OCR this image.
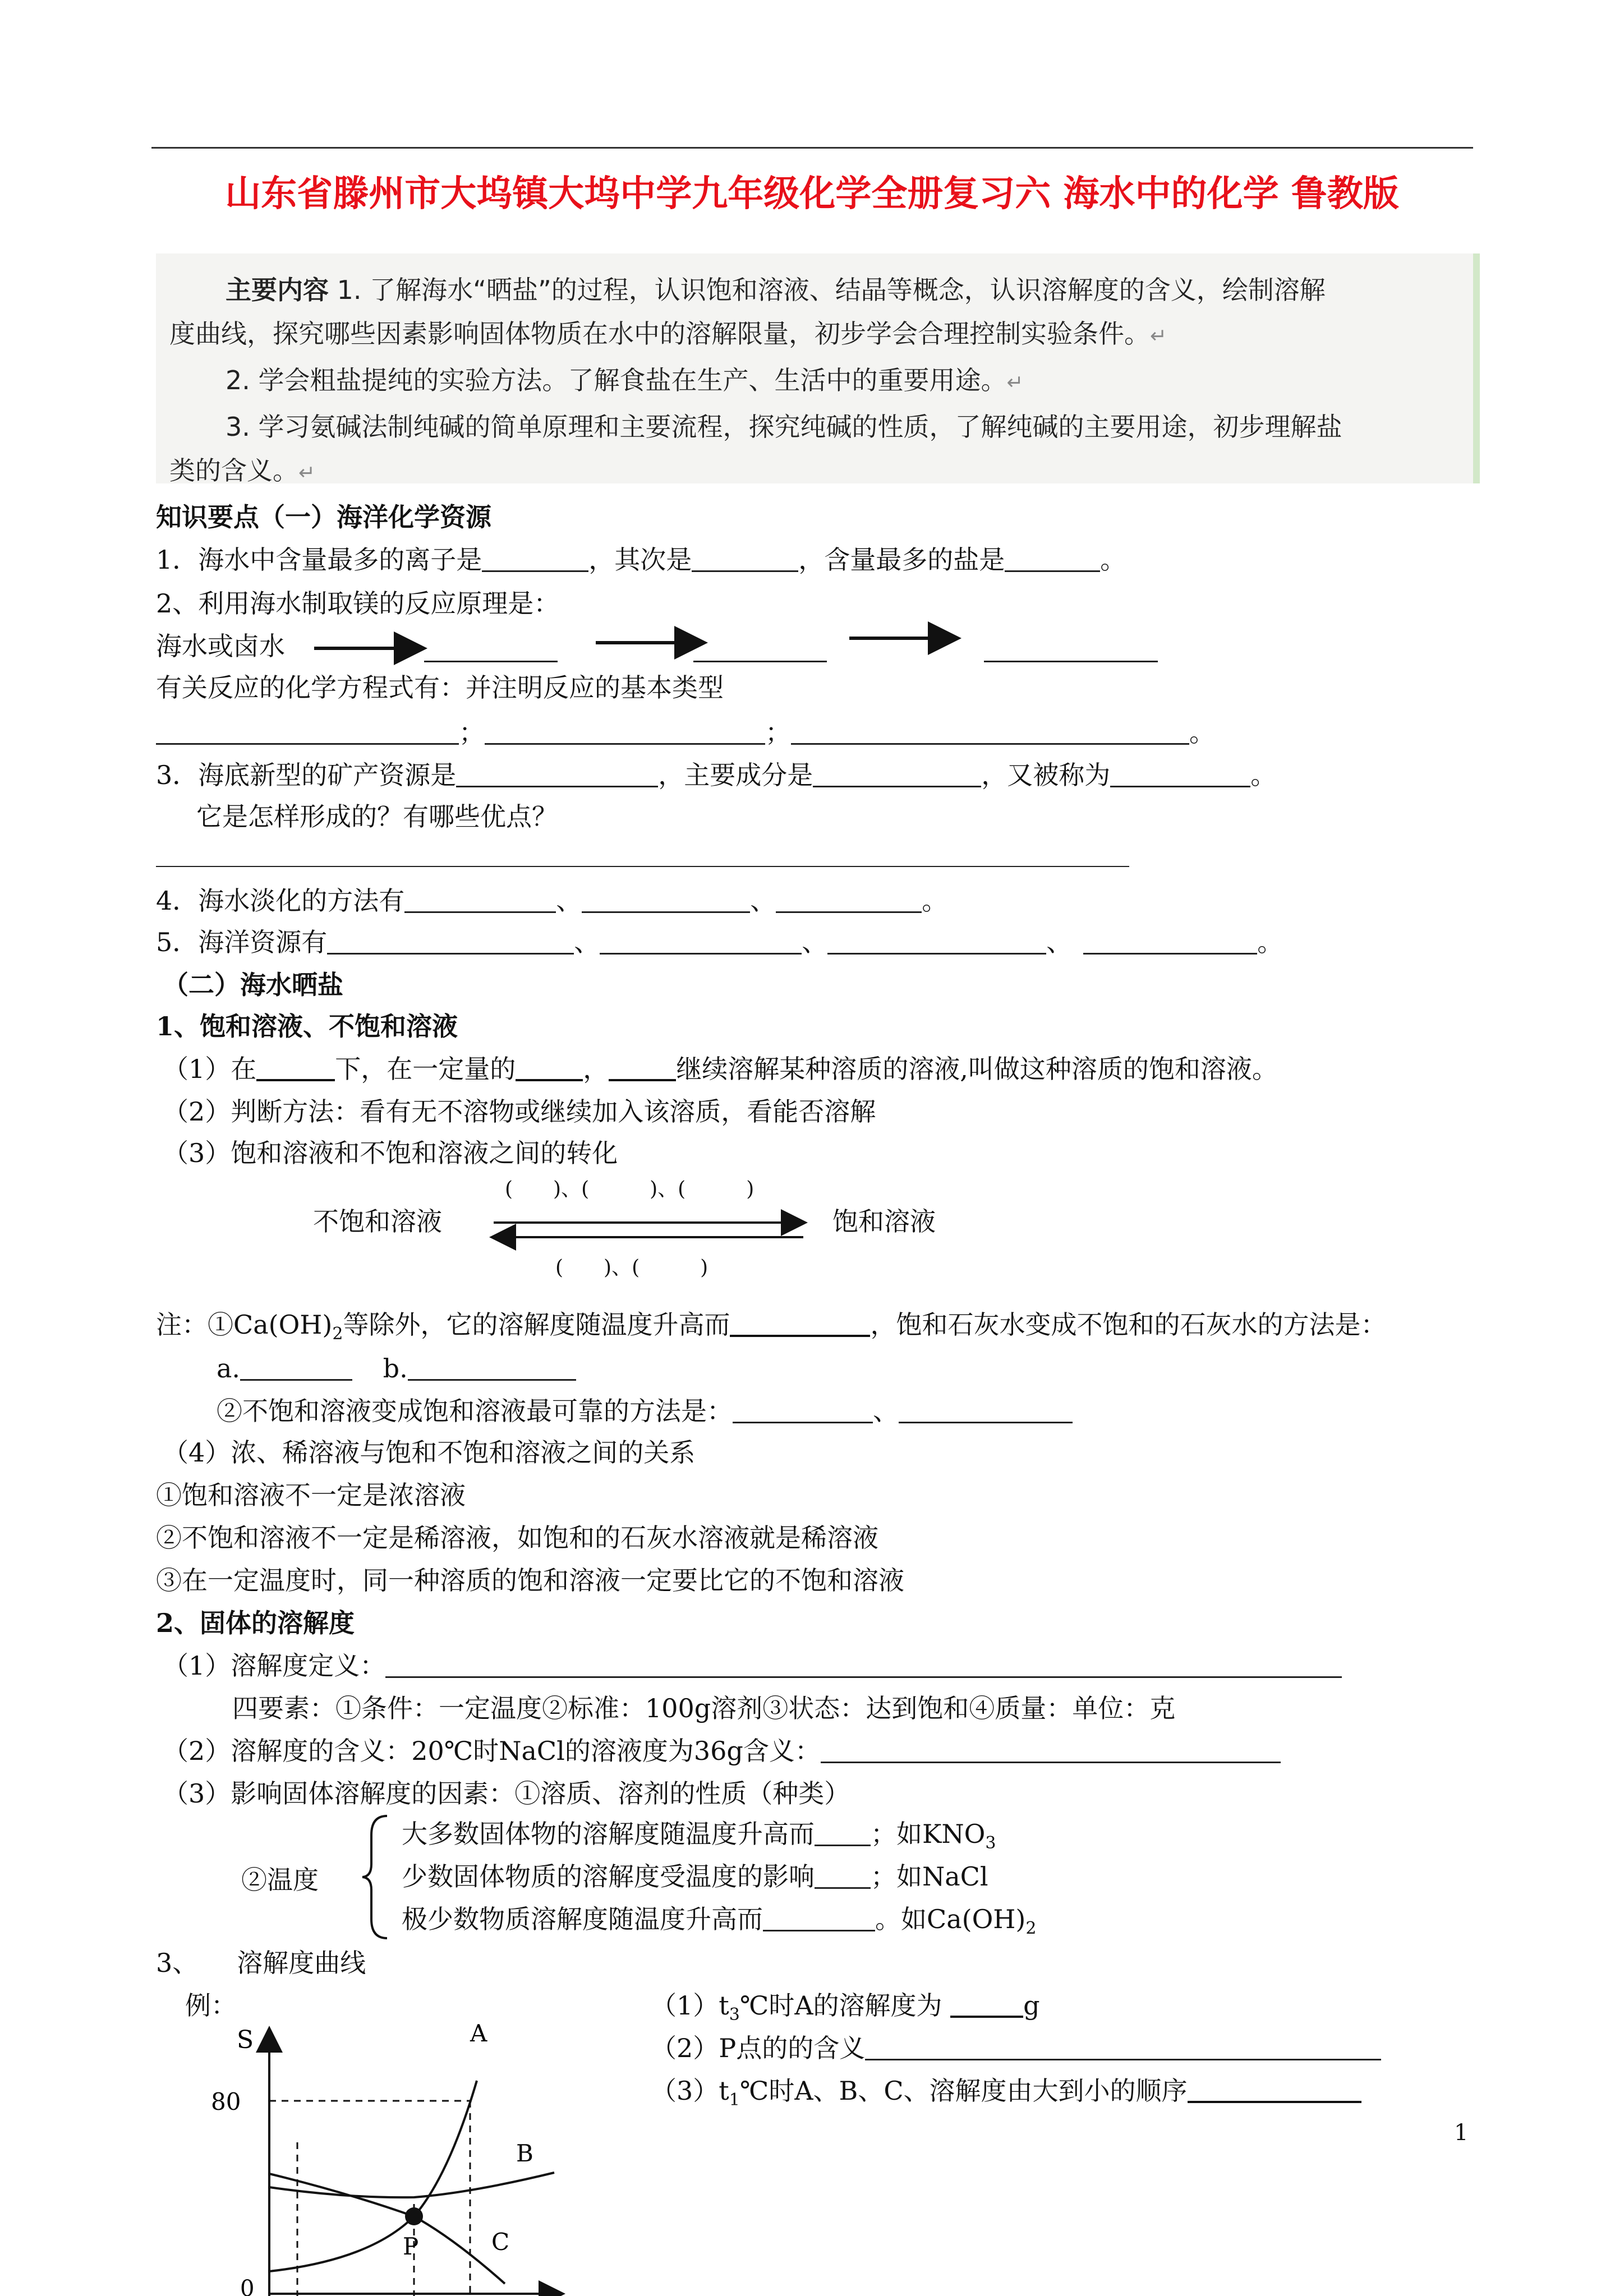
山东省滕州市大坞镇大坞中学九年级化学全册复习六 海水中的化学 鲁教版

主要内容 1. 了解海水“晒盐”的过程，认识饱和溶液、结晶等概念，认识溶解度的含义，绘制溶解

度曲线，探究哪些因素影响固体物质在水中的溶解限量，初步学会合理控制实验条件。↵

2. 学会粗盐提纯的实验方法。了解食盐在生产、生活中的重要用途。↵

3. 学习氨碱法制纯碱的简单原理和主要流程，探究纯碱的性质，了解纯碱的主要用途，初步理解盐

类的含义。↵

知识要点（一）海洋化学资源
1．海水中含量最多的离子是	，其次是	，含量最多的盐是	。
2、利用海水制取镁的反应原理是：
海水或卤水
有关反应的化学方程式有：并注明反应的基本类型
；	；	。
3．海底新型的矿产资源是	，主要成分是	，又被称为	。
它是怎样形成的？有哪些优点？
4．海水淡化的方法有	、	、	。
5．海洋资源有	、	、	、	。
（二）海水晒盐
1、饱和溶液、不饱和溶液
（1）在	下，在一定量的	，	继续溶解某种溶质的溶液,叫做这种溶质的饱和溶液。
（2）判断方法：看有无不溶物或继续加入该溶质，看能否溶解
（3）饱和溶液和不饱和溶液之间的转化
(　　)、(　　　)、(　　　)
不饱和溶液	饱和溶液
(　　)、(　　　)
注：$①Ca(OH)_2$等除外，它的溶解度随温度升高而	，饱和石灰水变成不饱和的石灰水的方法是：
a.	b.
②不饱和溶液变成饱和溶液最可靠的方法是：	、
（4）浓、稀溶液与饱和不饱和溶液之间的关系
①饱和溶液不一定是浓溶液
②不饱和溶液不一定是稀溶液，如饱和的石灰水溶液就是稀溶液
③在一定温度时，同一种溶质的饱和溶液一定要比它的不饱和溶液
2、固体的溶解度
（1）溶解度定义：
四要素：①条件：一定温度②标准：100g溶剂③状态：达到饱和④质量：单位：克
（2）溶解度的含义：20℃时NaCl的溶液度为36g含义：
（3）影响固体溶解度的因素：①溶质、溶剂的性质（种类）
②温度
大多数固体物的溶解度随温度升高而 ；如$KNO_3$
少数固体物质的溶解度受温度的影响 ；如NaCl
极少数物质溶解度随温度升高而	。如$Ca(OH)_2$
3、　　溶解度曲线
例：
S
80
A
B
C
P
0
$(1)t_3℃$时A的溶解度为	g
（2）P点的的含义
$(3)t_1℃$时A、B、C、溶解度由大到小的顺序
1
